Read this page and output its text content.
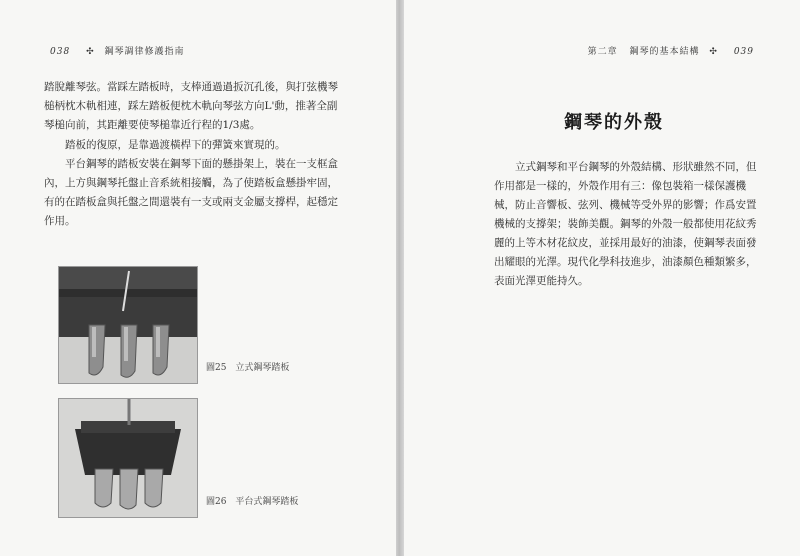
038 ✣ 鋼琴調律修護指南

踏脫離琴弦。當踩左踏板時，支棒通過過扳沉孔後，與打弦機琴槌柄枕木軌相連，踩左踏板便枕木軌向琴弦方向L'動，推著全副琴槌向前，其距離要使琴槌靠近行程的1/3處。

踏板的復原，是靠過渡橫桿下的彈簧來實現的。

平台鋼琴的踏板安裝在鋼琴下面的懸掛架上，裝在一支框盒內，上方與鋼琴托盤止音系統相接觸，為了使踏板盒懸掛牢固，有的在踏板盒與托盤之間還裝有一支或兩支金屬支撐桿，起穩定作用。

圖25 立式鋼琴踏板
圖26 平台式鋼琴踏板
第二章 鋼琴的基本結構 ✣ 039
鋼琴的外殼

立式鋼琴和平台鋼琴的外殼結構、形狀雖然不同，但作用都是一樣的，外殼作用有三：像包裝箱一樣保護機械，防止音響板、弦列、機械等受外界的影響；作爲安置機械的支撐架；裝飾美觀。鋼琴的外殼一般都使用花紋秀麗的上等木材花紋皮，並採用最好的油漆，使鋼琴表面發出耀眼的光澤。現代化學科技進步，油漆顏色種類繁多，表面光澤更能持久。
